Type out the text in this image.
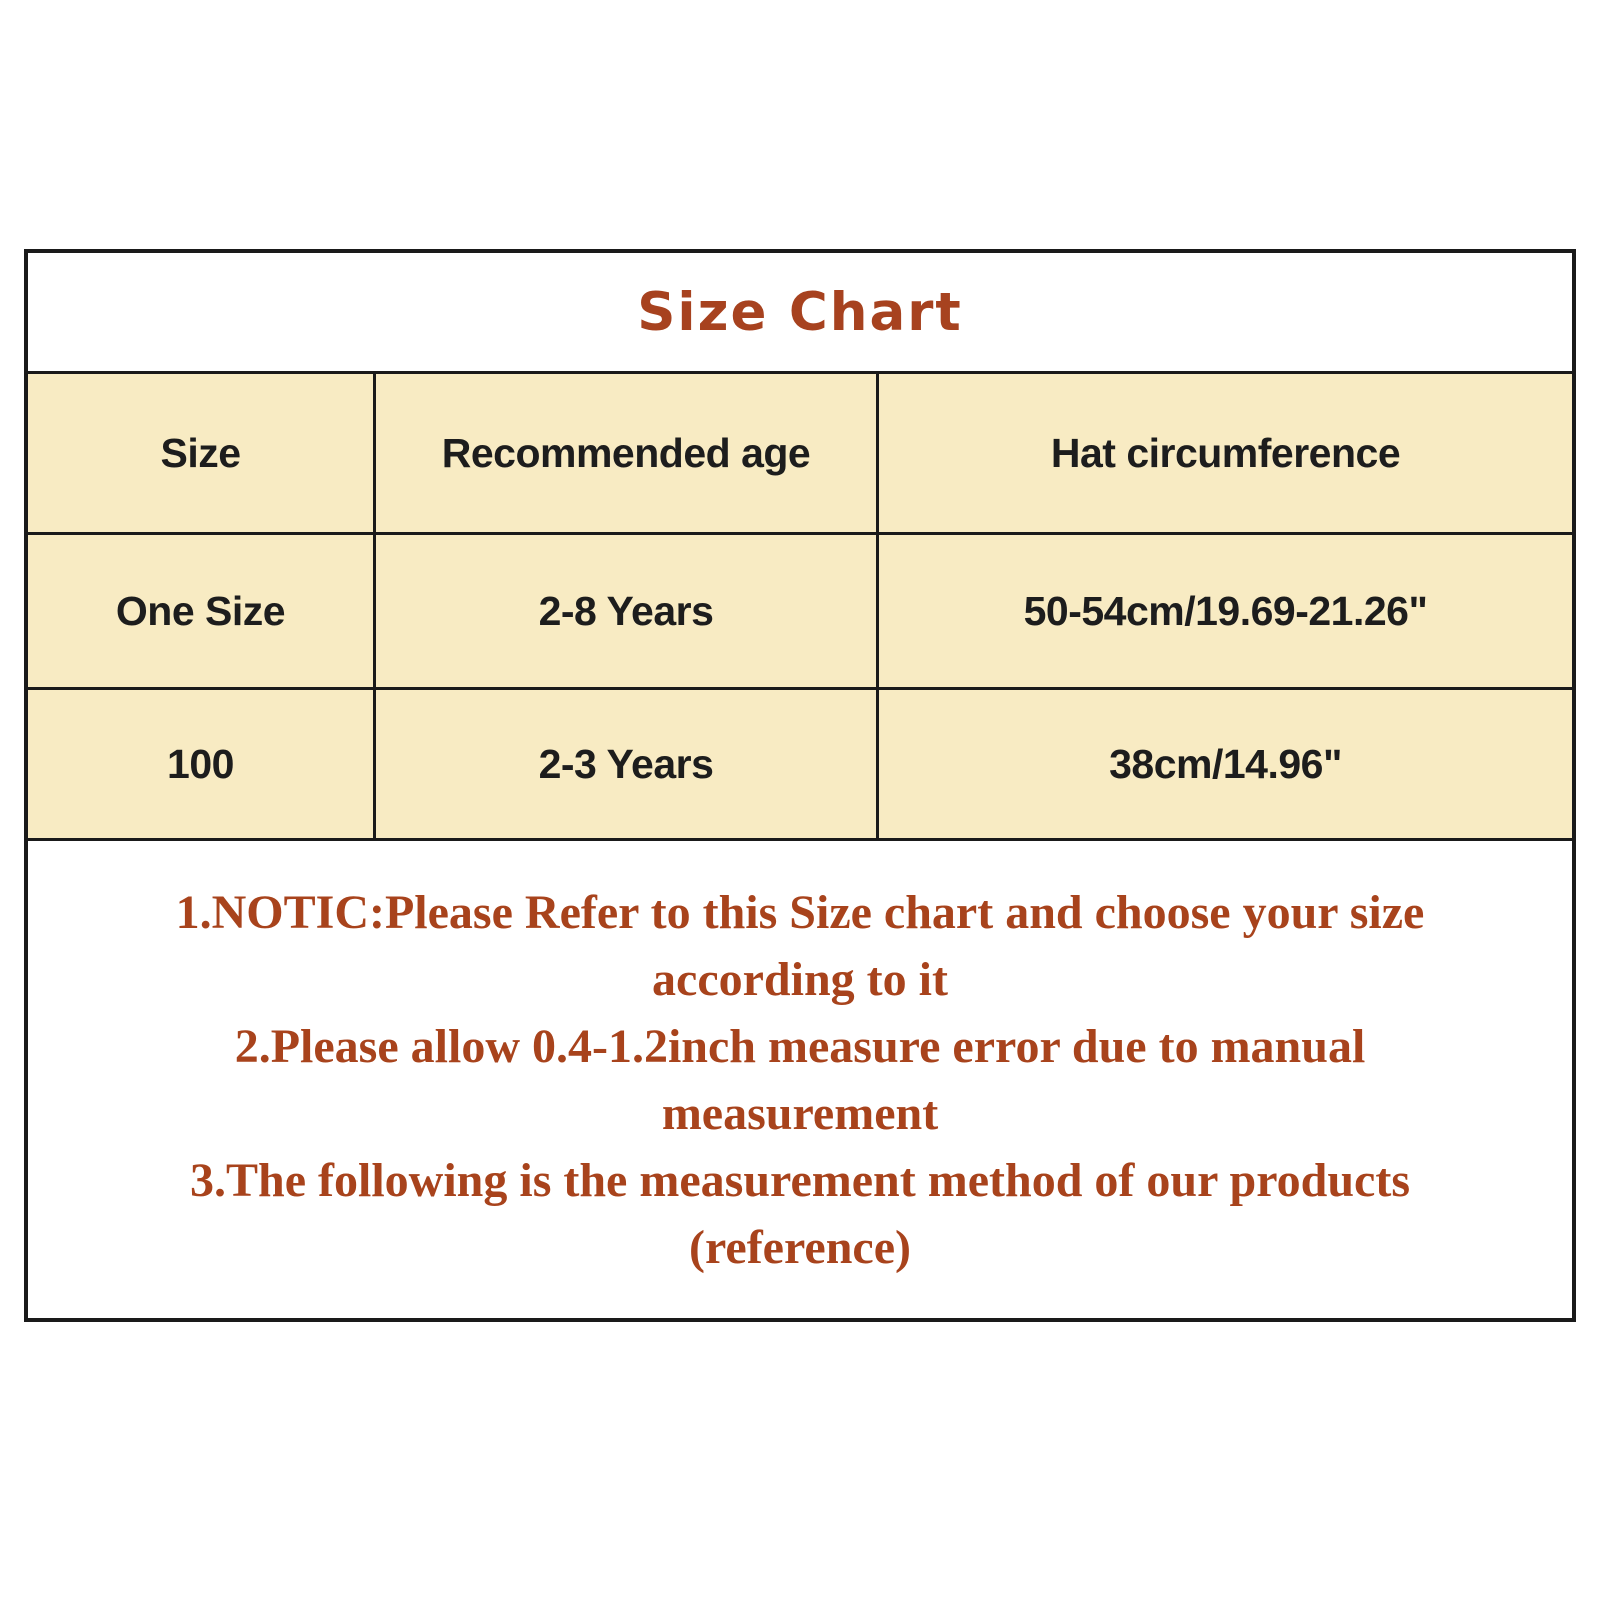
Size Chart
Size	Recommended age	Hat circumference
One Size	2-8 Years	50-54cm/19.69-21.26"
100	2-3 Years	38cm/14.96"
1.NOTIC:Please Refer to this Size chart and choose your size
according to it
2.Please allow 0.4-1.2inch measure error due to manual
measurement
3.The following is the measurement method of our products
(reference)
